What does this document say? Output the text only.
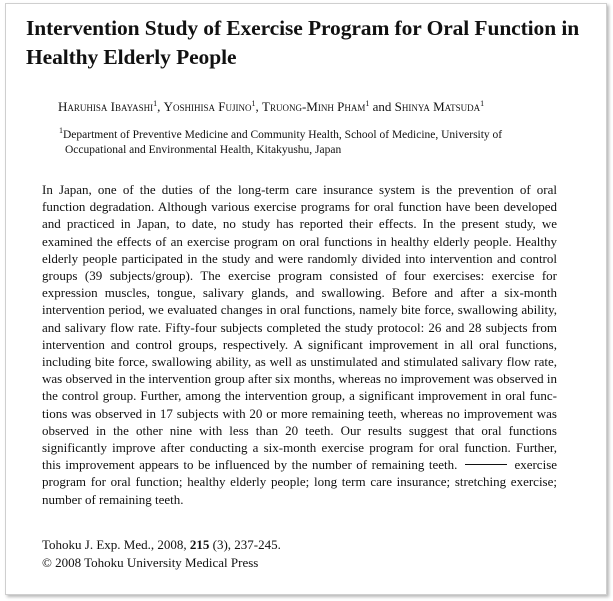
Intervention Study of Exercise Program for Oral Function in Healthy Elderly People
Haruhisa Ibayashi$^1$, Yoshihisa Fujino$^1$, Truong-Minh Pham$^1$ and Shinya Matsuda$^1$
$^1$Department of Preventive Medicine and Community Health, School of Medicine, University of
Occupational and Environmental Health, Kitakyushu, Japan
In Japan, one of the duties of the long-term care insurance system is the prevention of oral function degradation. Although various exercise programs for oral function have been developed and practiced in Japan, to date, no study has reported their effects. In the present study, we examined the effects of an exercise program on oral functions in healthy elderly people. Healthy elderly people participated in the study and were randomly divided into intervention and control groups (39 subjects/group). The exercise program consisted of four exercises: exercise for expression muscles, tongue, salivary glands, and swallowing. Before and after a six-month intervention period, we evaluated changes in oral functions, namely bite force, swallowing ability, and salivary flow rate. Fifty-four subjects completed the study protocol: 26 and 28 subjects from intervention and control groups, respectively. A significant improvement in all oral functions, including bite force, swallowing ability, as well as unstimulated and stimulated salivary flow rate, was observed in the intervention group after six months, whereas no improvement was observed in the control group. Further, among the intervention group, a significant improvement in oral functions was observed in 17 subjects with 20 or more remaining teeth, whereas no improvement was observed in the other nine with less than 20 teeth. Our results suggest that oral functions significantly improve after conducting a six-month exercise program for oral function. Further, this improvement appears to be influenced by the number of remaining teeth.	exercise program for oral function; healthy elderly people; long term care insurance; stretching exercise; number of remaining teeth.
Tohoku J. Exp. Med., 2008, 215 (3), 237-245.
© 2008 Tohoku University Medical Press
